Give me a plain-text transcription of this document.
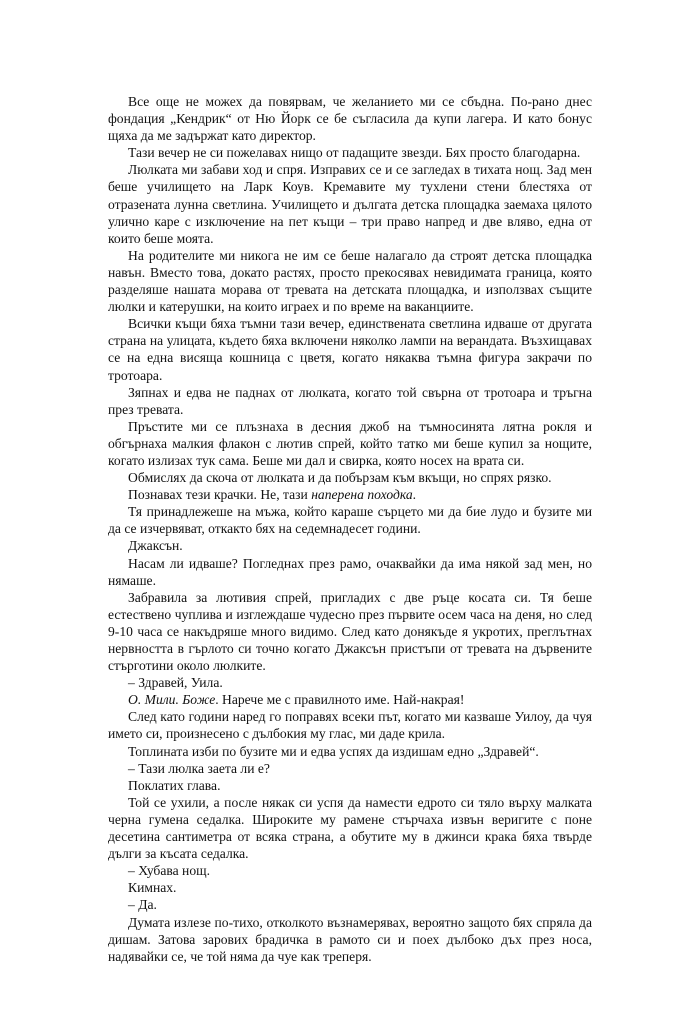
Все още не можех да повярвам, че желанието ми се сбъдна. По-рано днес фондация „Кендрик“ от Ню Йорк се бе съгласила да купи лагера. И като бонус щяха да ме задържат като директор.

Тази вечер не си пожелавах нищо от падащите звезди. Бях просто благодарна.

Люлката ми забави ход и спря. Изправих се и се загледах в тихата нощ. Зад мен беше училището на Ларк Коув. Кремавите му тухлени стени блестяха от отразената лунна светлина. Училището и дългата детска площадка заемаха цялото улично каре с изключение на пет къщи – три право напред и две вляво, една от които беше моята.

На родителите ми никога не им се беше налагало да строят детска площадка навън. Вместо това, докато растях, просто прекосявах невидимата граница, която разделяше нашата морава от тревата на детската площадка, и използвах същите люлки и катерушки, на които играех и по време на ваканциите.

Всички къщи бяха тъмни тази вечер, единствената светлина идваше от другата страна на улицата, където бяха включени няколко лампи на верандата. Възхищавах се на една висяща кошница с цветя, когато някаква тъмна фигура закрачи по тротоара.

Зяпнах и едва не паднах от люлката, когато той свърна от тротоара и тръгна през тревата.

Пръстите ми се плъзнаха в десния джоб на тъмносинята лятна рокля и обгърнаха малкия флакон с лютив спрей, който татко ми беше купил за нощите, когато излизах тук сама. Беше ми дал и свирка, която носех на врата си.

Обмислях да скоча от люлката и да побързам към вкъщи, но спрях рязко.

Познавах тези крачки. Не, тази наперена походка.

Тя принадлежеше на мъжа, който караше сърцето ми да бие лудо и бузите ми да се изчервяват, откакто бях на седемнадесет години.

Джаксън.

Насам ли идваше? Погледнах през рамо, очаквайки да има някой зад мен, но нямаше.

Забравила за лютивия спрей, пригладих с две ръце косата си. Тя беше естествено чуплива и изглеждаше чудесно през първите осем часа на деня, но след 9-10 часа се накъдряше много видимо. След като донякъде я укротих, преглътнах нервността в гърлото си точно когато Джаксън пристъпи от тревата на дървените стърготини около люлките.

– Здравей, Уила.

О. Мили. Боже. Нарече ме с правилното име. Най-накрая!

След като години наред го поправях всеки път, когато ми казваше Уилоу, да чуя името си, произнесено с дълбокия му глас, ми даде крила.

Топлината изби по бузите ми и едва успях да издишам едно „Здравей“.

– Тази люлка заета ли е?

Поклатих глава.

Той се ухили, а после някак си успя да намести едрото си тяло върху малката черна гумена седалка. Широките му рамене стърчаха извън веригите с поне десетина сантиметра от всяка страна, а обутите му в джинси крака бяха твърде дълги за късата седалка.

– Хубава нощ.

Кимнах.

– Да.

Думата излезе по-тихо, отколкото възнамерявах, вероятно защото бях спряла да дишам. Затова зарових брадичка в рамото си и поех дълбоко дъх през носа, надявайки се, че той няма да чуе как треперя.
